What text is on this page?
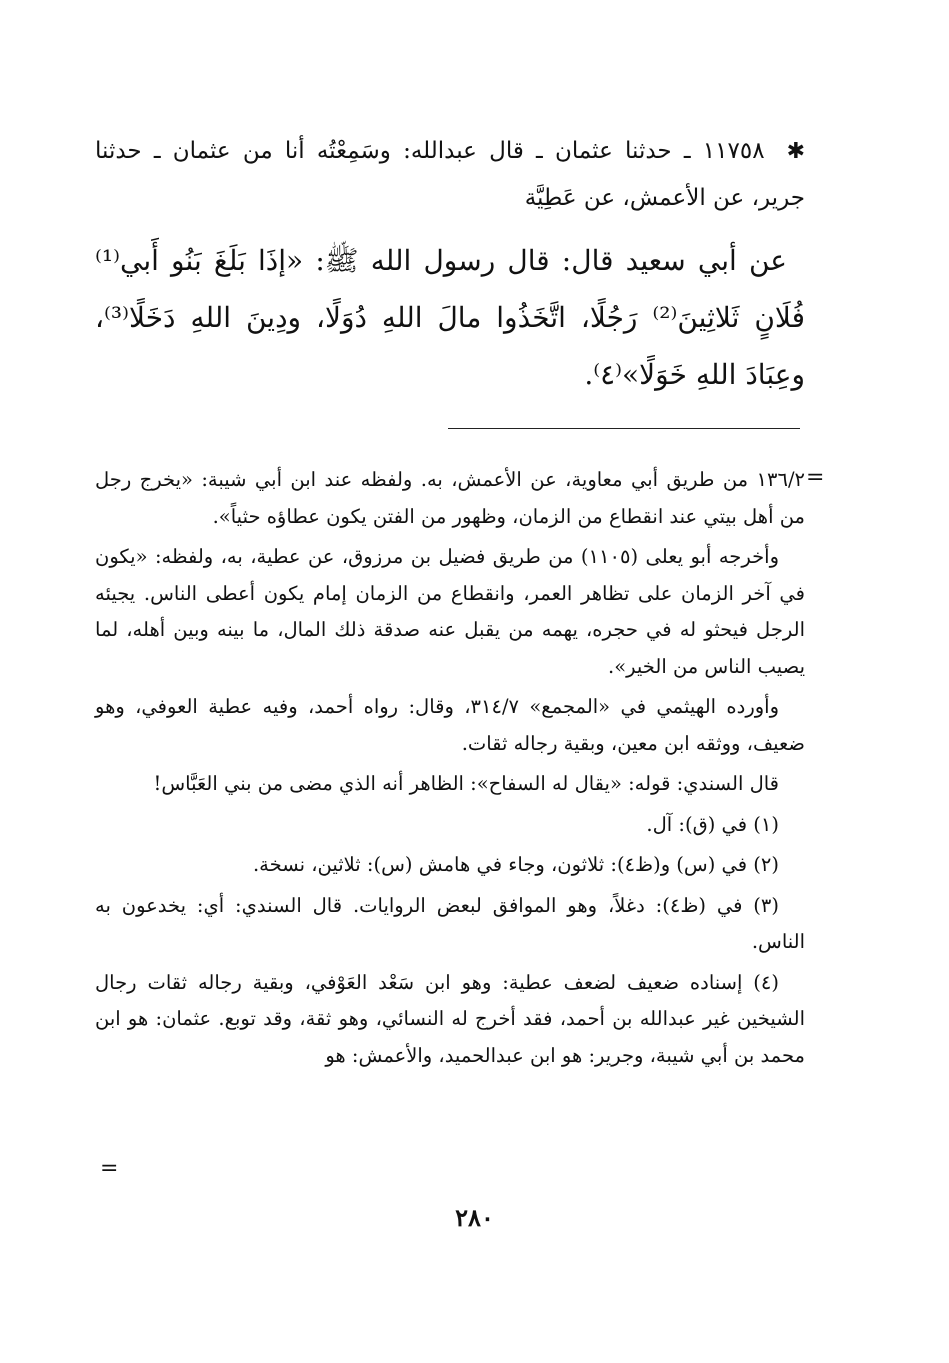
✱١١٧٥٨ ـ حدثنا عثمان ـ قال عبدالله: وسَمِعْتُه أنا من عثمان ـ حدثنا جرير، عن الأعمش، عن عَطِيَّة

عن أبي سعيد قال: قال رسول الله ﷺ: «إذَا بَلَغَ بَنُو أَبي⁽¹⁾ فُلَانٍ ثَلاثِينَ⁽²⁾ رَجُلًا، اتَّخَذُوا مالَ اللهِ دُوَلًا، ودِينَ اللهِ دَخَلًا⁽³⁾، وعِبَادَ اللهِ خَوَلًا»⁽٤⁾.

=

١٣٦/٢ من طريق أبي معاوية، عن الأعمش، به. ولفظه عند ابن أبي شيبة: «يخرج رجل من أهل بيتي عند انقطاع من الزمان، وظهور من الفتن يكون عطاؤه حثياً».

وأخرجه أبو يعلى (١١٠٥) من طريق فضيل بن مرزوق، عن عطية، به، ولفظه: «يكون في آخر الزمان على تظاهر العمر، وانقطاع من الزمان إمام يكون أعطى الناس. يجيئه الرجل فيحثو له في حجره، يهمه من يقبل عنه صدقة ذلك المال، ما بينه وبين أهله، لما يصيب الناس من الخير».

وأورده الهيثمي في «المجمع» ٣١٤/٧، وقال: رواه أحمد، وفيه عطية العوفي، وهو ضعيف، ووثقه ابن معين، وبقية رجاله ثقات.

قال السندي: قوله: «يقال له السفاح»: الظاهر أنه الذي مضى من بني العَبَّاس!

(١) في (ق): آل.

(٢) في (س) و(ظ٤): ثلاثون، وجاء في هامش (س): ثلاثين، نسخة.

(٣) في (ظ٤): دغلاً، وهو الموافق لبعض الروايات. قال السندي: أي: يخدعون به الناس.

(٤) إسناده ضعيف لضعف عطية: وهو ابن سَعْد العَوْفي، وبقية رجاله ثقات رجال الشيخين غير عبدالله بن أحمد، فقد أخرج له النسائي، وهو ثقة، وقد توبع. عثمان: هو ابن محمد بن أبي شيبة، وجرير: هو ابن عبدالحميد، والأعمش: هو

=
٢٨٠
